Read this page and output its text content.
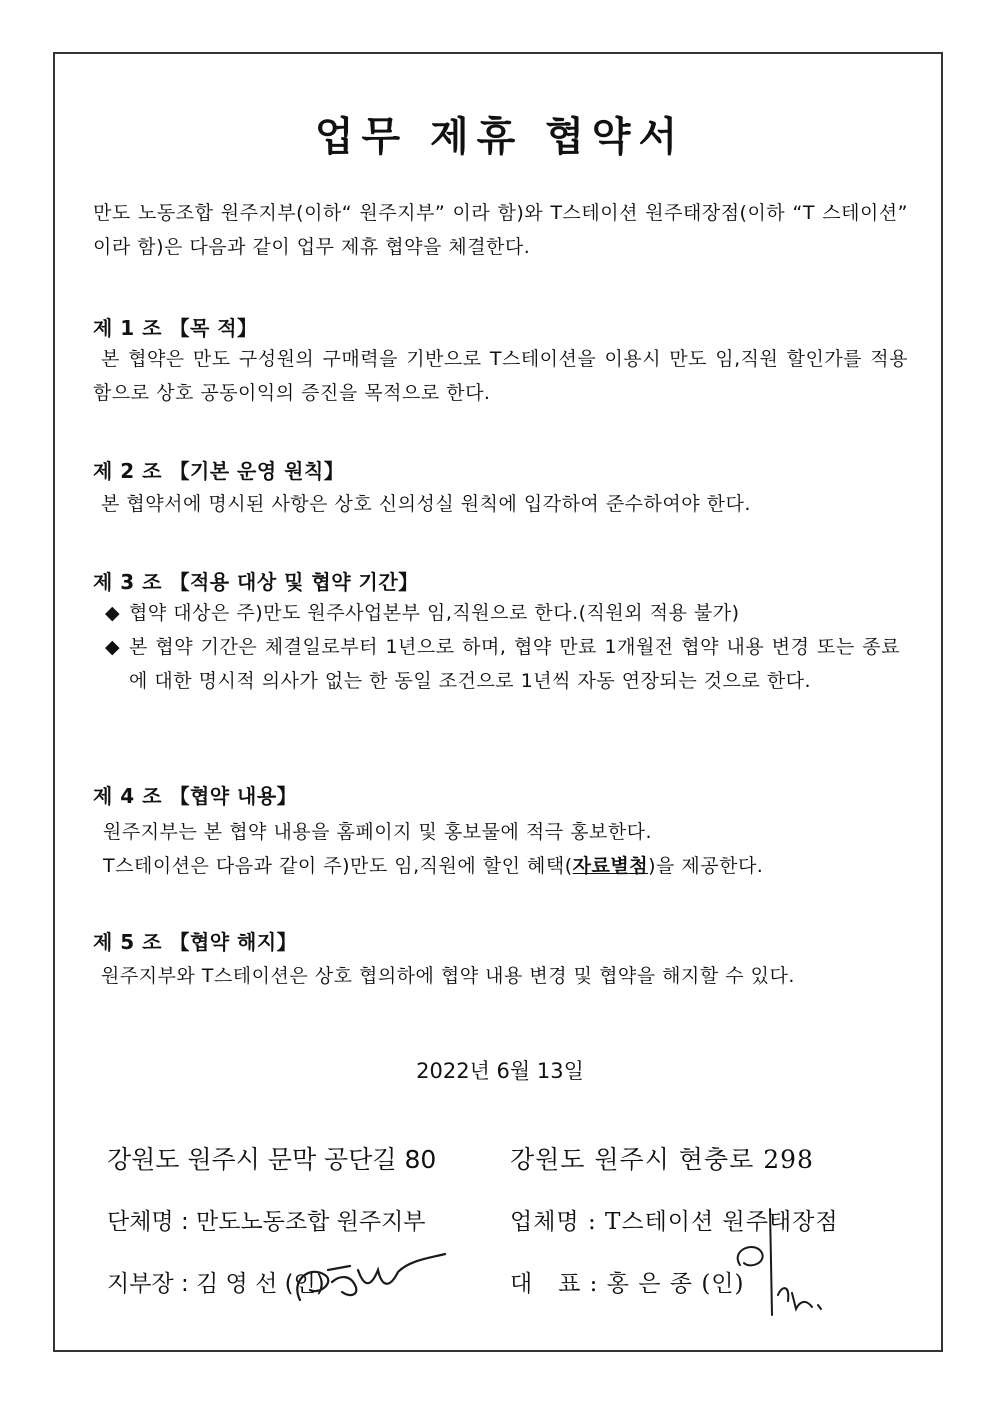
업무 제휴 협약서
만도 노동조합 원주지부(이하“ 원주지부” 이라 함)와 T스테이션 원주태장점(이하 “T 스테이션” 이라 함)은 다음과 같이 업무 제휴 협약을 체결한다.
제 1 조 【목 적】
본 협약은 만도 구성원의 구매력을 기반으로 T스테이션을 이용시 만도 임,직원 할인가를 적용함으로 상호 공동이익의 증진을 목적으로 한다.
제 2 조 【기본 운영 원칙】
본 협약서에 명시된 사항은 상호 신의성실 원칙에 입각하여 준수하여야 한다.
제 3 조 【적용 대상 및 협약 기간】
◆ 협약 대상은 주)만도 원주사업본부 임,직원으로 한다.(직원외 적용 불가)
◆ 본 협약 기간은 체결일로부터 1년으로 하며, 협약 만료 1개월전 협약 내용 변경 또는 종료에 대한 명시적 의사가 없는 한 동일 조건으로 1년씩 자동 연장되는 것으로 한다.
제 4 조 【협약 내용】
원주지부는 본 협약 내용을 홈페이지 및 홍보물에 적극 홍보한다.
T스테이션은 다음과 같이 주)만도 임,직원에 할인 혜택(자료별첨)을 제공한다.
제 5 조 【협약 해지】
원주지부와 T스테이션은 상호 협의하에 협약 내용 변경 및 협약을 해지할 수 있다.
2022년 6월 13일
강원도 원주시 문막 공단길 80	강원도 원주시 현충로 298
단체명 : 만도노동조합 원주지부	업체명 : T스테이션 원주태장점
지부장 : 김 영 선 (인)	대   표 : 홍 은 종 (인)
